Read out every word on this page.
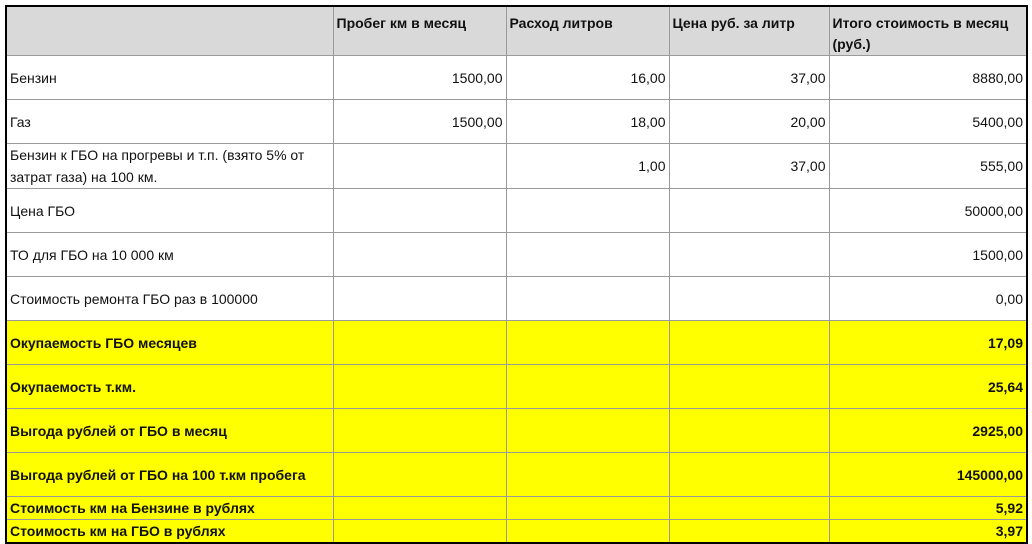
	Пробег км в месяц	Расход литров	Цена руб. за литр	Итого стоимость в месяц (руб.)
Бензин	1500,00	16,00	37,00	8880,00
Газ	1500,00	18,00	20,00	5400,00
Бензин к ГБО на прогревы и т.п. (взято 5% от затрат газа) на 100 км.		1,00	37,00	555,00
Цена ГБО				50000,00
ТО для ГБО на 10 000 км				1500,00
Стоимость ремонта ГБО раз в 100000				0,00
Окупаемость ГБО месяцев				17,09
Окупаемость т.км.				25,64
Выгода рублей от ГБО в месяц				2925,00
Выгода рублей от ГБО на 100 т.км пробега				145000,00
Стоимость км на Бензине в рублях				5,92
Стоимость км на ГБО в рублях				3,97
